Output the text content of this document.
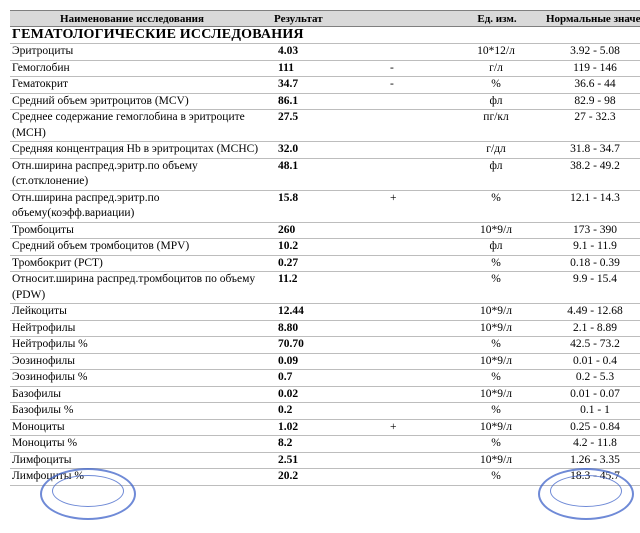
Наименование исследования	Результат		Ед. изм.	Нормальные значе
ГЕМАТОЛОГИЧЕСКИЕ ИССЛЕДОВАНИЯ				
Эритроциты	4.03		10*12/л	3.92 - 5.08
Гемоглобин	111	-	г/л	119 - 146
Гематокрит	34.7	-	%	36.6 - 44
Средний объем эритроцитов (MCV)	86.1		фл	82.9 - 98
Среднее содержание гемоглобина в эритроците (MCH)	27.5		пг/кл	27 - 32.3
Средняя концентрация Hb в эритроцитах (MCHC)	32.0		г/дл	31.8 - 34.7
Отн.ширина распред.эритр.по объему (ст.отклонение)	48.1		фл	38.2 - 49.2
Отн.ширина распред.эритр.по объему(коэфф.вариации)	15.8	+	%	12.1 - 14.3
Тромбоциты	260		10*9/л	173 - 390
Средний объем тромбоцитов (MPV)	10.2		фл	9.1 - 11.9
Тромбокрит (PCT)	0.27		%	0.18 - 0.39
Относит.ширина распред.тромбоцитов по объему (PDW)	11.2		%	9.9 - 15.4
Лейкоциты	12.44		10*9/л	4.49 - 12.68
Нейтрофилы	8.80		10*9/л	2.1 - 8.89
Нейтрофилы %	70.70		%	42.5 - 73.2
Эозинофилы	0.09		10*9/л	0.01 - 0.4
Эозинофилы %	0.7		%	0.2 - 5.3
Базофилы	0.02		10*9/л	0.01 - 0.07
Базофилы %	0.2		%	0.1 - 1
Моноциты	1.02	+	10*9/л	0.25 - 0.84
Моноциты %	8.2		%	4.2 - 11.8
Лимфоциты	2.51		10*9/л	1.26 - 3.35
Лимфоциты %	20.2		%	18.3 - 45.7
